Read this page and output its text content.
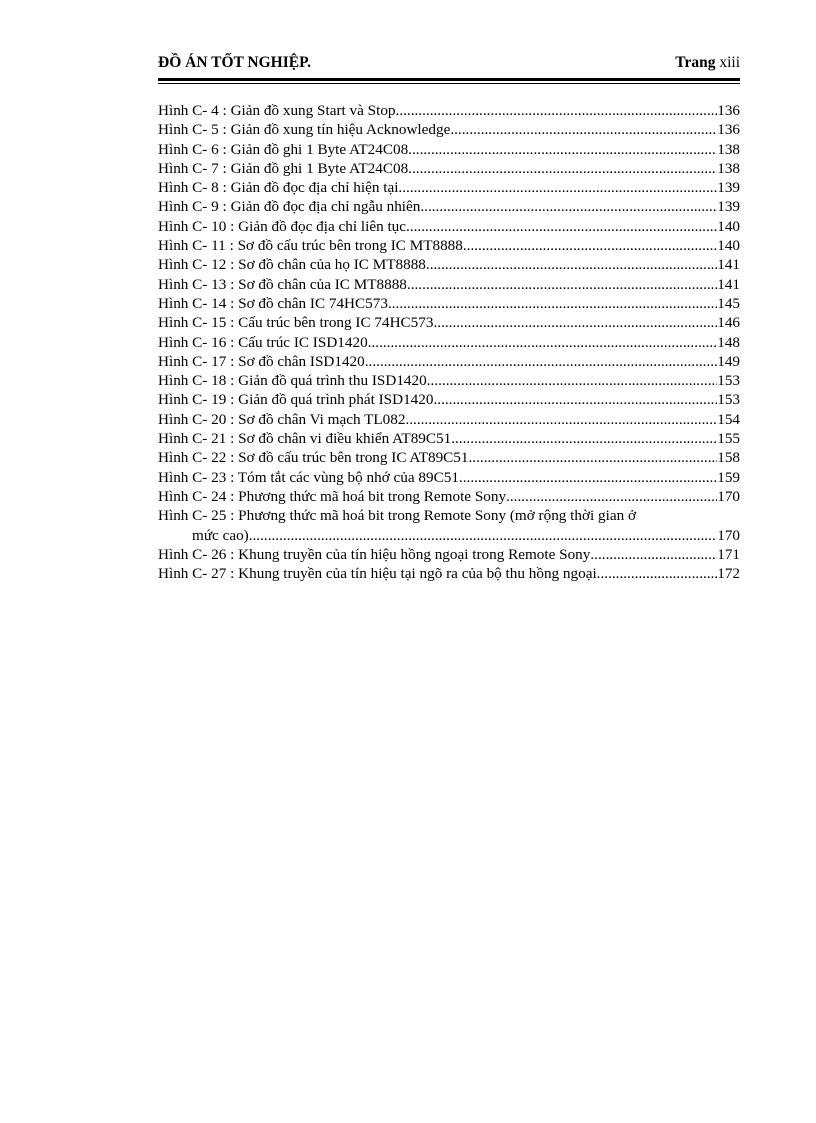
ĐỒ ÁN TỐT NGHIỆP.	Trang xiii
Hình C- 4 : Giản đồ xung Start và Stop .....	136
Hình C- 5 : Giản đồ xung tín hiệu Acknowledge .....	136
Hình C- 6 : Giản đồ ghi 1 Byte AT24C08 .....	138
Hình C- 7 : Giản đồ ghi 1 Byte AT24C08 .....	138
Hình C- 8 : Giản đồ đọc địa chỉ hiện tại .....	139
Hình C- 9 : Giản đồ đọc địa chỉ ngẫu nhiên .....	139
Hình C- 10 : Giản đồ đọc địa chỉ liên tục .....	140
Hình C- 11 : Sơ đồ cấu trúc bên trong IC MT8888 .....	140
Hình C- 12 : Sơ đồ chân của họ IC MT8888 .....	141
Hình C- 13 : Sơ đồ chân của IC MT8888 .....	141
Hình C- 14 : Sơ đồ chân IC 74HC573 .....	145
Hình C- 15 : Cấu trúc bên trong IC 74HC573 .....	146
Hình C- 16 : Cấu trúc IC ISD1420 .....	148
Hình C- 17 : Sơ đồ chân ISD1420 .....	149
Hình C- 18 : Giản đồ quá trình thu ISD1420 .....	153
Hình C- 19 : Giản đồ quá trình phát ISD1420 .....	153
Hình C- 20 : Sơ đồ chân Vi mạch TL082 .....	154
Hình C- 21 : Sơ đồ chân vi điều khiển AT89C51 .....	155
Hình C- 22 : Sơ đồ cấu trúc bên trong IC AT89C51 .....	158
Hình C- 23 : Tóm tắt các vùng bộ nhớ của 89C51 .....	159
Hình C- 24 : Phương thức mã hoá bit trong Remote Sony .....	170
Hình C- 25 : Phương thức mã hoá bit trong Remote Sony (mở rộng thời gian ở
mức cao) .....	170
Hình C- 26 : Khung truyền của tín hiệu hồng ngoại trong Remote Sony .....	171
Hình C- 27 : Khung truyền của tín hiệu tại ngõ ra của bộ thu hồng ngoại .....	172
